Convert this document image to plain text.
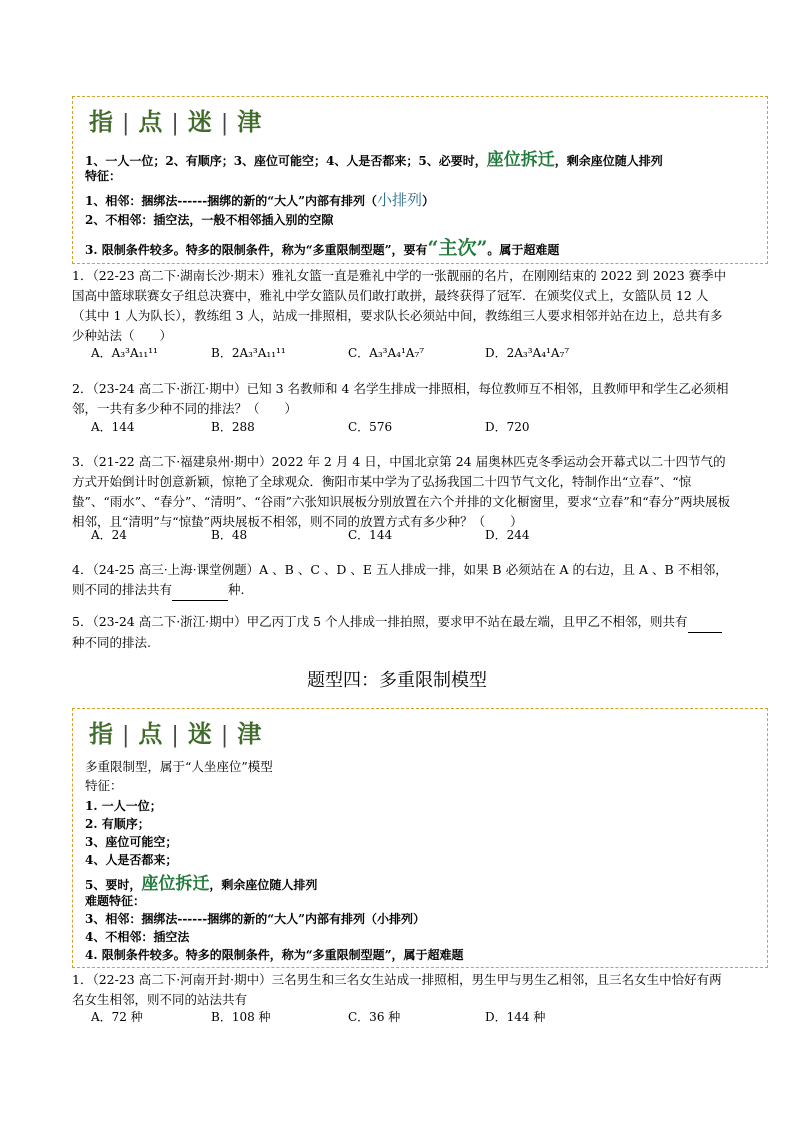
指 | 点 | 迷 | 津
1、一人一位；2、有顺序；3、座位可能空；4、人是否都来；5、必要时，座位拆迁，剩余座位随人排列
特征：
1、相邻：捆绑法------捆绑的新的“大人”内部有排列（小排列）
2、不相邻：插空法，一般不相邻插入别的空隙
3. 限制条件较多。特多的限制条件，称为“多重限制型题”，要有“主次”。属于超难题
1．（22-23 高二下·湖南长沙·期末）雅礼女篮一直是雅礼中学的一张靓丽的名片，在刚刚结束的 2022 到 2023 赛季中国高中篮球联赛女子组总决赛中，雅礼中学女篮队员们敢打敢拼，最终获得了冠军．在颁奖仪式上，女篮队员 12 人（其中 1 人为队长），教练组 3 人，站成一排照相，要求队长必须站中间，教练组三人要求相邻并站在边上，总共有多少种站法（　　）
A．A₃³A₁₁¹¹	B．2A₃³A₁₁¹¹	C．A₃³A₄¹A₇⁷	D．2A₃³A₄¹A₇⁷
2．（23-24 高二下·浙江·期中）已知 3 名教师和 4 名学生排成一排照相，每位教师互不相邻，且教师甲和学生乙必须相邻，一共有多少种不同的排法？（　　）
A．144	B．288	C．576	D．720
3．（21-22 高二下·福建泉州·期中）2022 年 2 月 4 日，中国北京第 24 届奥林匹克冬季运动会开幕式以二十四节气的方式开始倒计时创意新颖，惊艳了全球观众．衡阳市某中学为了弘扬我国二十四节气文化，特制作出“立春”、“惊蛰”、“雨水”、“春分”、“清明”、“谷雨”六张知识展板分别放置在六个并排的文化橱窗里，要求“立春”和“春分”两块展板相邻，且“清明”与“惊蛰”两块展板不相邻，则不同的放置方式有多少种？（　　）
A．24	B．48	C．144	D．244
4．（24-25 高三·上海·课堂例题）A 、B 、C 、D 、E 五人排成一排，如果 B 必须站在 A 的右边，且 A 、B 不相邻，则不同的排法共有	种.
5．（23-24 高二下·浙江·期中）甲乙丙丁戊 5 个人排成一排拍照，要求甲不站在最左端，且甲乙不相邻，则共有 种不同的排法.
题型四：多重限制模型
指 | 点 | 迷 | 津
多重限制型，属于“人坐座位”模型
特征：
1. 一人一位；
2. 有顺序；
3、座位可能空；
4、人是否都来；
5、要时，座位拆迁，剩余座位随人排列
难题特征：
3、相邻：捆绑法------捆绑的新的“大人”内部有排列（小排列）
4、不相邻：插空法
4. 限制条件较多。特多的限制条件，称为“多重限制型题”，属于超难题
1．（22-23 高二下·河南开封·期中）三名男生和三名女生站成一排照相，男生甲与男生乙相邻，且三名女生中恰好有两名女生相邻，则不同的站法共有
A．72 种	B．108 种	C．36 种	D．144 种
